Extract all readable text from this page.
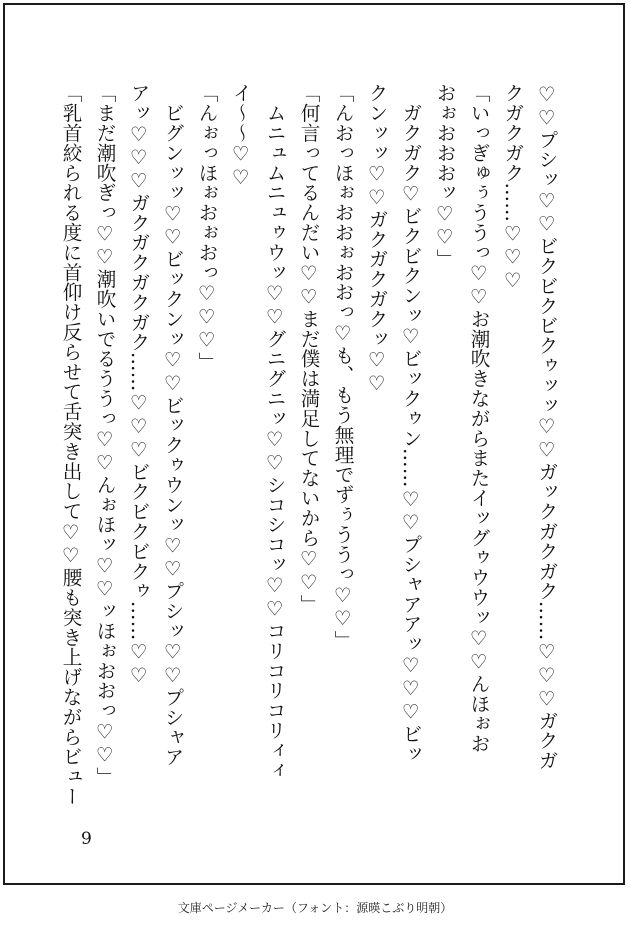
♡♡プシッ♡♡ビクビクビクゥッッ♡♡ガックガクガク……♡♡♡ガクガ
クガクガク……♡♡♡
「いっぎゅぅううっ♡♡お潮吹きながらまたイッグゥウウッ♡♡んほぉお
おぉおおおッ♡♡」
　ガクガク♡ビクビクンッ♡ビックゥン……♡♡プシャアアッ♡♡♡ビッ
クンッッ♡♡ガクガクガクッ♡♡
「んおっほぉおおぉおおっ♡も、もう無理でずぅううっ♡♡」
「何言ってるんだい♡♡まだ僕は満足してないから♡♡」
　ムニュムニュゥウッ♡♡グニグニッ♡♡シコシコッ♡♡コリコリコリィィ
イ〜〜♡♡
「んぉっほぉおぉおっ♡♡♡」
　ビグンッッ♡♡ビックンッ♡♡ビックゥウンッ♡♡プシッ♡♡プシャア
アッ♡♡♡ガクガクガクガク……♡♡♡ビクビクビクゥ……♡♡
「まだ潮吹ぎっ♡♡潮吹いでるううっ♡♡んぉほッ♡♡ッほぉおおっ♡♡」
「乳首絞られる度に首仰け反らせて舌突き出して♡♡腰も突き上げながらビュー
9
文庫ページメーカー（フォント：源暎こぶり明朝）
